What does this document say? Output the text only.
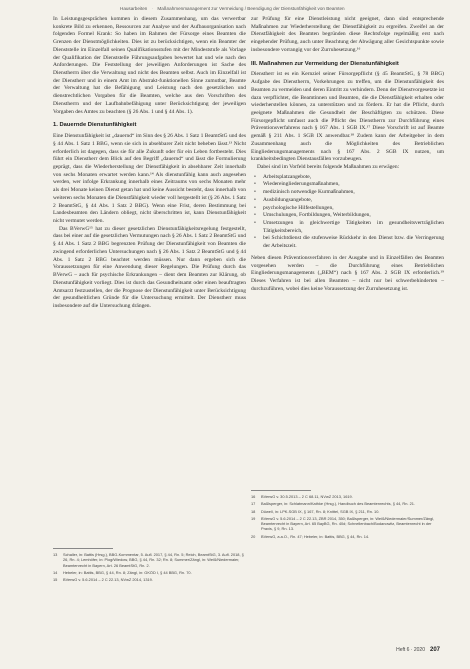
Hausarbeiten · Maßnahmenmanagement zur Vermeidung / Beendigung der Dienstunfähigkeit von Beamten

In Leistungsgesprächen kommen in diesem Zusammenhang, um das verwertbar konkrete Bild zu erkennen, Ressourcen zur Analyse und der Aufbauorganisation nach folgenden Formel Krank: So haben im Rahmen der Fürsorge eines Beamten die Grenzen der Dienstmöglichkeiten. Dies ist zu berücksichtigen, wenn ein Beamter der Dienststelle im Einzelfall seinen Qualifikationsstufen mit der Mindeststufe als Vorlage der Qualifikation der Dienststelle Führungsaufgaben bewertet hat und wie nach den Anforderungen. Die Feststellung der jeweiligen Anforderungen ist Sache des Dienstherrn über die Verwaltung und nicht des Beamten selbst. Auch im Einzelfall ist der Dienstherr und in einem Amt im Abstrakt-funktionellen Sinne zumutbar, Beamte der Verwaltung hat die Befähigung und Leistung nach den gesetzlichen und dienstrechtlichen Vorgaben für die Beamten, welche aus den Vorschriften des Dienstherrn und der Laufbahnbefähigung unter Berücksichtigung der jeweiligen Vorgaben des Amtes zu beachten (§ 26 Abs. 1 und § 44 Abs. 1).

1. Dauernde Dienstunfähigkeit

Eine Dienstunfähigkeit ist „dauernd“ im Sinn des § 26 Abs. 1 Satz 1 BeamtStG und des § 44 Abs. 1 Satz 1 BBG, wenn sie sich in absehbarer Zeit nicht beheben lässt.¹³ Nicht erforderlich ist dagegen, dass sie für alle Zukunft oder für ein Leben fortbesteht. Dies führt ein Dienstherr dem Blick auf den Begriff „dauernd“ und lässt die Formulierung geprägt, dass die Wiederherstellung der Dienstfähigkeit in absehbarer Zeit innerhalb von sechs Monaten erwartet werden kann.¹⁴ Als dienstunfähig kann auch angesehen werden, wer infolge Erkrankung innerhalb eines Zeitraums von sechs Monaten mehr als drei Monate keinen Dienst getan hat und keine Aussicht besteht, dass innerhalb von weiteren sechs Monaten die Dienstfähigkeit wieder voll hergestellt ist (§ 26 Abs. 1 Satz 2 BeamtStG, § 44 Abs. 1 Satz 2 BBG). Wenn eine Frist, deren Bestimmung bei Landesbeamten den Ländern obliegt, nicht überschritten ist, kann Dienstunfähigkeit nicht vermutet werden.

Das BVerwG¹⁵ hat zu dieser gesetzlichen Dienstunfähigkeitsregelung festgestellt, dass bei einer auf die gesetzlichen Vermutungen nach § 26 Abs. 1 Satz 2 BeamtStG und § 44 Abs. 1 Satz 2 BBG begrenzten Prüfung der Dienstunfähigkeit von Beamten die zwingend erforderlichen Untersuchungen nach § 26 Abs. 1 Satz 2 BeamtStG und § 44 Abs. 1 Satz 2 BBG beachtet werden müssen. Nur dann ergeben sich die Voraussetzungen für eine Anwendung dieser Regelungen. Die Prüfung durch das BVerwG – auch für psychische Erkrankungen – dient dem Beamten zur Klärung, ob Dienstunfähigkeit vorliegt. Dies ist durch das Gesundheitsamt oder einen beauftragten Amtsarzt festzustellen, der die Prognose der Dienstunfähigkeit unter Berücksichtigung der gesundheitlichen Gründe für die Untersuchung ermittelt. Der Dienstherr muss insbesondere auf die Untersuchung drängen.

zur Prüfung für eine Dienstleistung nicht geeignet, dann sind entsprechende Maßnahmen zur Wiederherstellung der Dienstfähigkeit zu ergreifen. Zweifel an der Dienstfähigkeit des Beamten begründen diese Rechtsfolge regelmäßig erst nach eingehender Prüfung, auch unter Beachtung der Abwägung aller Gesichtspunkte sowie insbesondere vorrangig vor der Zurruhesetzung.¹⁶

III. Maßnahmen zur Vermeidung der Dienstunfähigkeit

Dienstherr ist es ein Kernziel seiner Fürsorgepflicht (§ 45 BeamtStG, § 78 BBG) Aufgabe des Dienstherrn, Vorkehrungen zu treffen, um die Dienstunfähigkeit des Beamten zu vermeiden und deren Eintritt zu verhindern. Denn der Dienstvorgesetzte ist dazu verpflichtet, die Beamtinnen und Beamten, die die Dienstfähigkeit erhalten oder wiederherstellen können, zu unterstützen und zu fördern. Er hat die Pflicht, durch geeignete Maßnahmen die Gesundheit der Beschäftigten zu schützen. Diese Fürsorgepflicht umfasst auch die Pflicht des Dienstherrn zur Durchführung eines Präventionsverfahrens nach § 167 Abs. 1 SGB IX.¹⁷ Diese Vorschrift ist auf Beamte gemäß § 211 Abs. 1 SGB IX anwendbar.¹⁸ Zudem kann der Arbeitgeber in dem Zusammenhang auch die Möglichkeiten des Betrieblichen Eingliederungsmanagements nach § 167 Abs. 2 SGB IX nutzen, um krankheitsbedingten Dienstausfällen vorzubeugen.

Dabei sind im Vorfeld bereits folgende Maßnahmen zu erwägen:

• Arbeitsplatzangebote,
• Wiedereingliederungsmaßnahmen,
• medizinisch notwendige Kurmaßnahmen,
• Ausbildungsangebote,
• psychologische Hilfestellungen,
• Umschulungen, Fortbildungen, Weiterbildungen,
• Umsetzungen in gleichwertige Tätigkeiten im gesundheitsverträglichen Tätigkeitsbereich,
• bei Schichtdienst die stufenweise Rückkehr in den Dienst bzw. die Verringerung der Arbeitszeit.

Neben diesen Präventionsverfahren in der Ausgabe und in Einzelfällen des Beamten vorgesehen werden – die Durchführung eines Betrieblichen Eingliederungsmanagements („BEM“) nach § 167 Abs. 2 SGB IX erforderlich.¹⁹ Dieses Verfahren ist bei allen Beamten – nicht nur bei schwerbehinderten – durchzuführen, wobei dies keine Voraussetzung der Zurruhesetzung ist.

13	Schaller, in: Battis (Hrsg.), BBG-Kommentar, 5. Aufl. 2017, § 44, Rn. 5; Reich, BeamtStG, 3. Aufl. 2018, § 26, Rn. 4; Lemhöfer, in: Plog/Wiedow, BBG, § 44, Rn. 32; Rn. 8; Summer/Zängl, in: Weiß/Niedermaier, Beamtenrecht in Bayern, Art. 26 BeamtStG, Rn. 2.
14	Hebeler, in: Battis, BBG, § 44, Rn. 8; Zängl, in: GKÖD I, § 44 BBG, Rn. 70.
15	BVerwG v. 5.6.2014 – 2 C 22.13, NVwZ 2014, 1319.
16	BVerwG v. 30.5.2013 – 2 C 68.11, NVwZ 2013, 1619.
17	Baßlsperger, in: Schlatmann/Kathke (Hrsg.), Handbuch des Beamtenrechts, § 44, Rn. 21.
18	Düwell, in: LPK-SGB IX, § 167, Rn. 8; Knittel, SGB IX, § 211, Rn. 10.
19	BVerwG v. 5.6.2014 – 2 C 22.13, ZBR 2014, 350; Baßlsperger, in: Weiß/Niedermaier/Summer/Zängl, Beamtenrecht in Bayern, Art. 65 BayBG, Rn. 40d; Schnellenbach/Bodanowitz, Beamtenrecht in der Praxis, § 9, Rn. 13.
20	BVerwG, a.a.O., Rn. 47; Hebeler, in: Battis, BBG, § 44, Rn. 14.
Heft 6 · 2020 207
